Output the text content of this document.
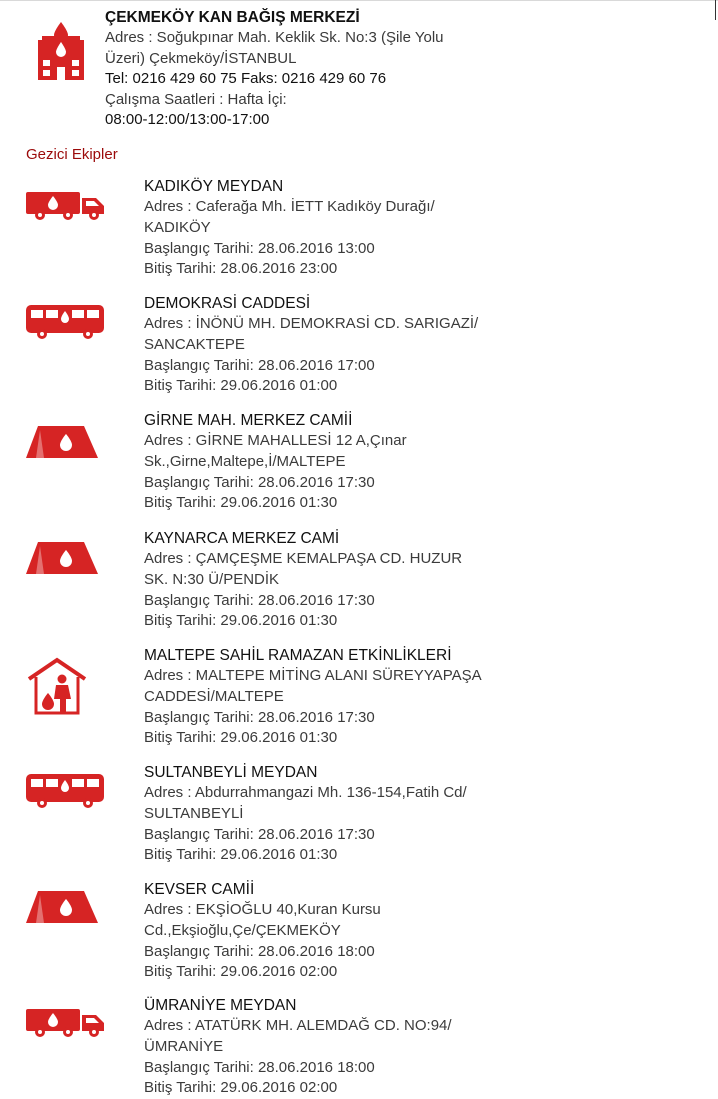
ÇEKMEKÖY KAN BAĞIŞ MERKEZİ
Adres : Soğukpınar Mah. Keklik Sk. No:3 (Şile Yolu
Üzeri) Çekmeköy/İSTANBUL
Tel: 0216 429 60 75 Faks: 0216 429 60 76
Çalışma Saatleri : Hafta İçi:
08:00-12:00/13:00-17:00
Gezici Ekipler
KADIKÖY MEYDAN
Adres : Caferağa Mh. İETT Kadıköy Durağı/
KADIKÖY
Başlangıç Tarihi: 28.06.2016 13:00
Bitiş Tarihi: 28.06.2016 23:00
DEMOKRASİ CADDESİ
Adres : İNÖNÜ MH. DEMOKRASİ CD. SARIGAZİ/
SANCAKTEPE
Başlangıç Tarihi: 28.06.2016 17:00
Bitiş Tarihi: 29.06.2016 01:00
GİRNE MAH. MERKEZ CAMİİ
Adres : GİRNE MAHALLESİ 12 A,Çınar
Sk.,Girne,Maltepe,İ/MALTEPE
Başlangıç Tarihi: 28.06.2016 17:30
Bitiş Tarihi: 29.06.2016 01:30
KAYNARCA MERKEZ CAMİ
Adres : ÇAMÇEŞME KEMALPAŞA CD. HUZUR
SK. N:30 Ü/PENDİK
Başlangıç Tarihi: 28.06.2016 17:30
Bitiş Tarihi: 29.06.2016 01:30
MALTEPE SAHİL RAMAZAN ETKİNLİKLERİ
Adres : MALTEPE MİTİNG ALANI SÜREYYAPAŞA
CADDESİ/MALTEPE
Başlangıç Tarihi: 28.06.2016 17:30
Bitiş Tarihi: 29.06.2016 01:30
SULTANBEYLİ MEYDAN
Adres : Abdurrahmangazi Mh. 136-154,Fatih Cd/
SULTANBEYLİ
Başlangıç Tarihi: 28.06.2016 17:30
Bitiş Tarihi: 29.06.2016 01:30
KEVSER CAMİİ
Adres : EKŞİOĞLU 40,Kuran Kursu
Cd.,Ekşioğlu,Çe/ÇEKMEKÖY
Başlangıç Tarihi: 28.06.2016 18:00
Bitiş Tarihi: 29.06.2016 02:00
ÜMRANİYE MEYDAN
Adres : ATATÜRK MH. ALEMDAĞ CD. NO:94/
ÜMRANİYE
Başlangıç Tarihi: 28.06.2016 18:00
Bitiş Tarihi: 29.06.2016 02:00
